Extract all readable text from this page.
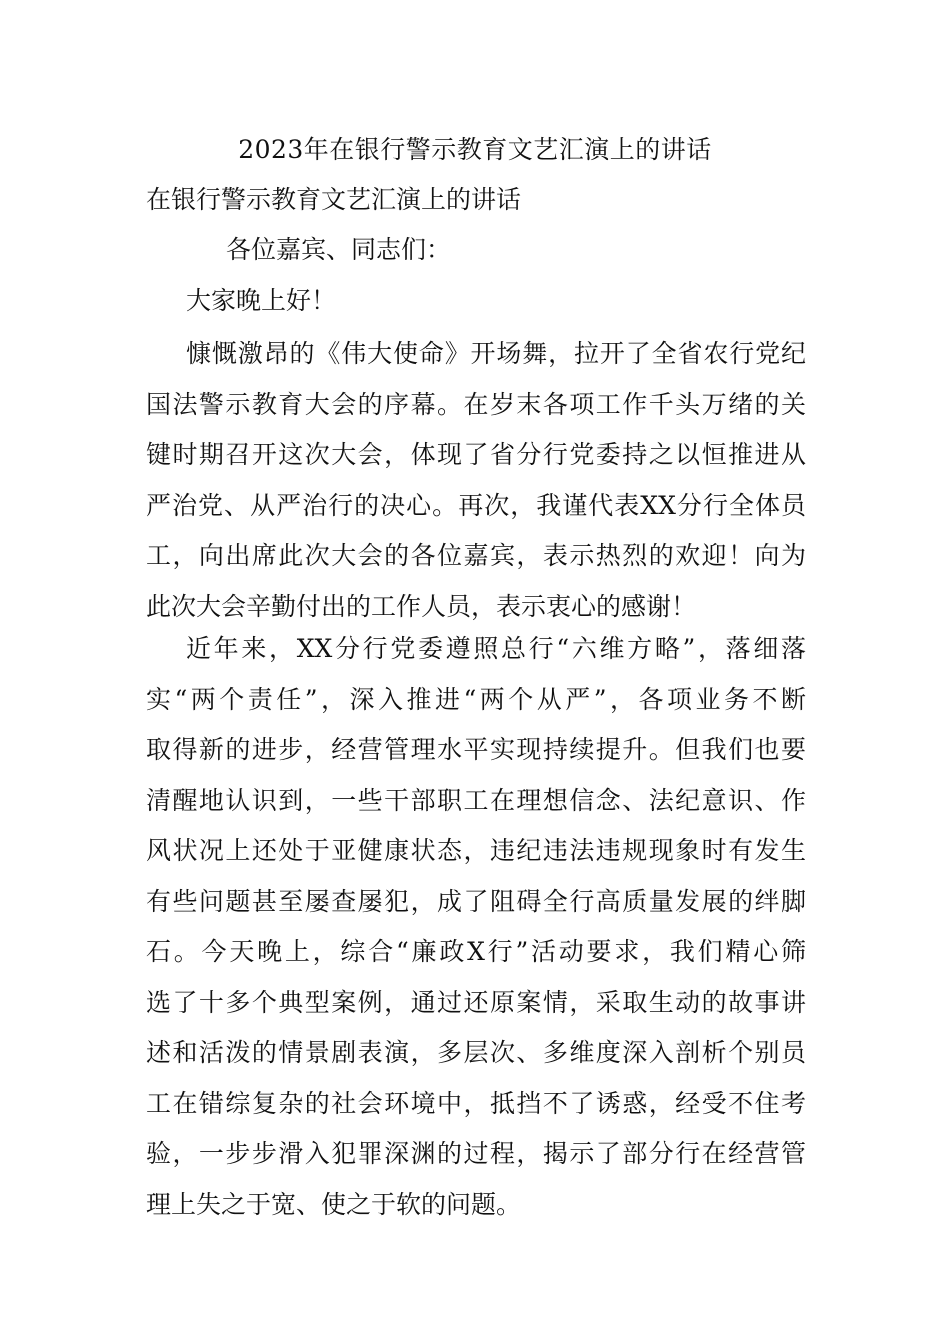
2023年在银行警示教育文艺汇演上的讲话
在银行警示教育文艺汇演上的讲话
各位嘉宾、同志们：
大家晚上好！
慷慨激昂的《伟大使命》开场舞，拉开了全省农行党纪
国法警示教育大会的序幕。在岁末各项工作千头万绪的关
键时期召开这次大会，体现了省分行党委持之以恒推进从
严治党、从严治行的决心。再次，我谨代表XX分行全体员
工，向出席此次大会的各位嘉宾，表示热烈的欢迎！向为
此次大会辛勤付出的工作人员，表示衷心的感谢！
近年来，XX分行党委遵照总行“六维方略”，落细落
实“两个责任”，深入推进“两个从严”，各项业务不断
取得新的进步，经营管理水平实现持续提升。但我们也要
清醒地认识到，一些干部职工在理想信念、法纪意识、作
风状况上还处于亚健康状态，违纪违法违规现象时有发生
有些问题甚至屡查屡犯，成了阻碍全行高质量发展的绊脚
石。今天晚上，综合“廉政X行”活动要求，我们精心筛
选了十多个典型案例，通过还原案情，采取生动的故事讲
述和活泼的情景剧表演，多层次、多维度深入剖析个别员
工在错综复杂的社会环境中，抵挡不了诱惑，经受不住考
验，一步步滑入犯罪深渊的过程，揭示了部分行在经营管
理上失之于宽、使之于软的问题。
